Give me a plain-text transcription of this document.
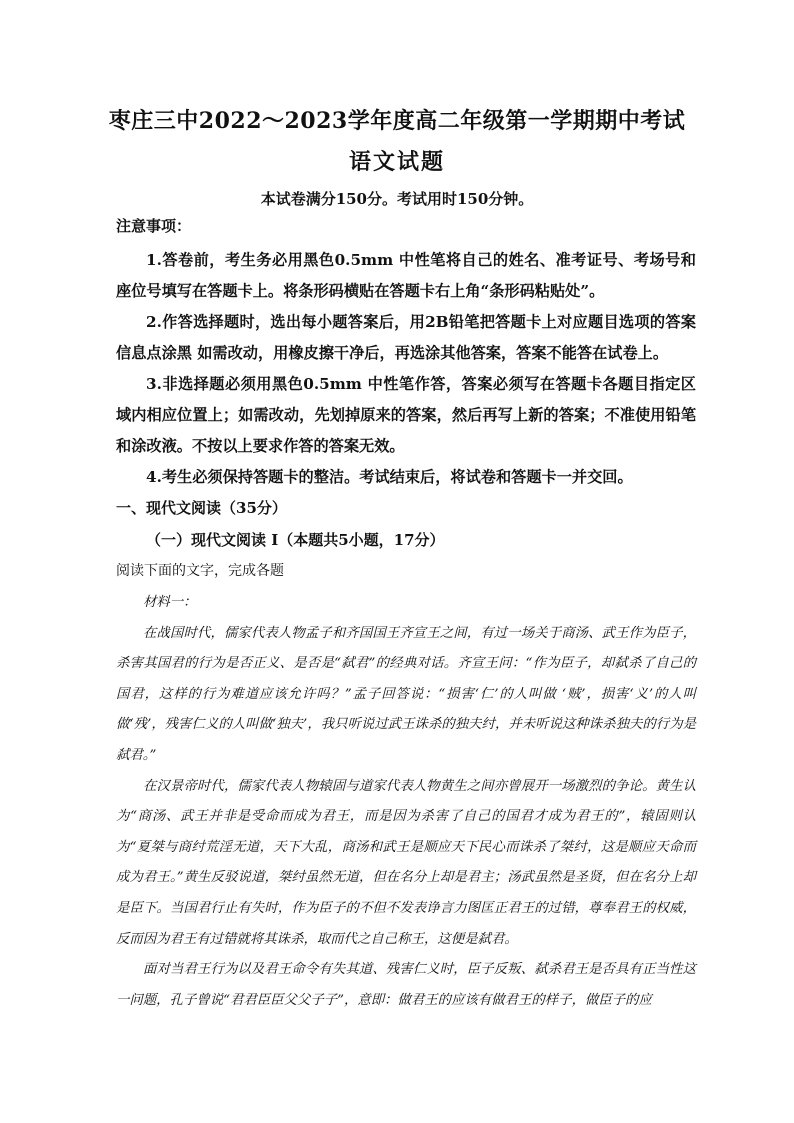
枣庄三中2022～2023学年度高二年级第一学期期中考试
语文试题
本试卷满分150分。考试用时150分钟。
注意事项：

1.答卷前，考生务必用黑色0.5mm 中性笔将自己的姓名、准考证号、考场号和座位号填写在答题卡上。将条形码横贴在答题卡右上角“条形码粘贴处”。

2.作答选择题时，选出每小题答案后，用2B铅笔把答题卡上对应题目选项的答案信息点涂黑 如需改动，用橡皮擦干净后，再选涂其他答案，答案不能答在试卷上。

3.非选择题必须用黑色0.5mm 中性笔作答，答案必须写在答题卡各题目指定区域内相应位置上；如需改动，先划掉原来的答案，然后再写上新的答案；不准使用铅笔和涂改液。不按以上要求作答的答案无效。

4.考生必须保持答题卡的整洁。考试结束后，将试卷和答题卡一并交回。

一、现代文阅读（35分）
（一）现代文阅读 I（本题共5小题，17分）
阅读下面的文字，完成各题

材料一：

在战国时代，儒家代表人物孟子和齐国国王齐宣王之间，有过一场关于商汤、武王作为臣子，杀害其国君的行为是否正义、是否是“弑君”的经典对话。齐宣王问：“作为臣子，却弑杀了自己的国君，这样的行为难道应该允许吗？”孟子回答说：“损害‘仁’的人叫做 ‘贼’，损害‘义’的人叫做‘残’，残害仁义的人叫做‘独夫’，我只听说过武王诛杀的独夫纣，并未听说这种诛杀独夫的行为是弑君。”

在汉景帝时代，儒家代表人物辕固与道家代表人物黄生之间亦曾展开一场激烈的争论。黄生认为“商汤、武王并非是受命而成为君王，而是因为杀害了自己的国君才成为君王的”，辕固则认为“夏桀与商纣荒淫无道，天下大乱，商汤和武王是顺应天下民心而诛杀了桀纣，这是顺应天命而成为君王。”黄生反驳说道，桀纣虽然无道，但在名分上却是君主；汤武虽然是圣贤，但在名分上却是臣下。当国君行止有失时，作为臣子的不但不发表诤言力图匡正君王的过错，尊奉君王的权威，反而因为君王有过错就将其诛杀，取而代之自己称王，这便是弑君。

面对当君王行为以及君王命令有失其道、残害仁义时，臣子反叛、弑杀君王是否具有正当性这一问题，孔子曾说“君君臣臣父父子子”，意即：做君王的应该有做君王的样子，做臣子的应
